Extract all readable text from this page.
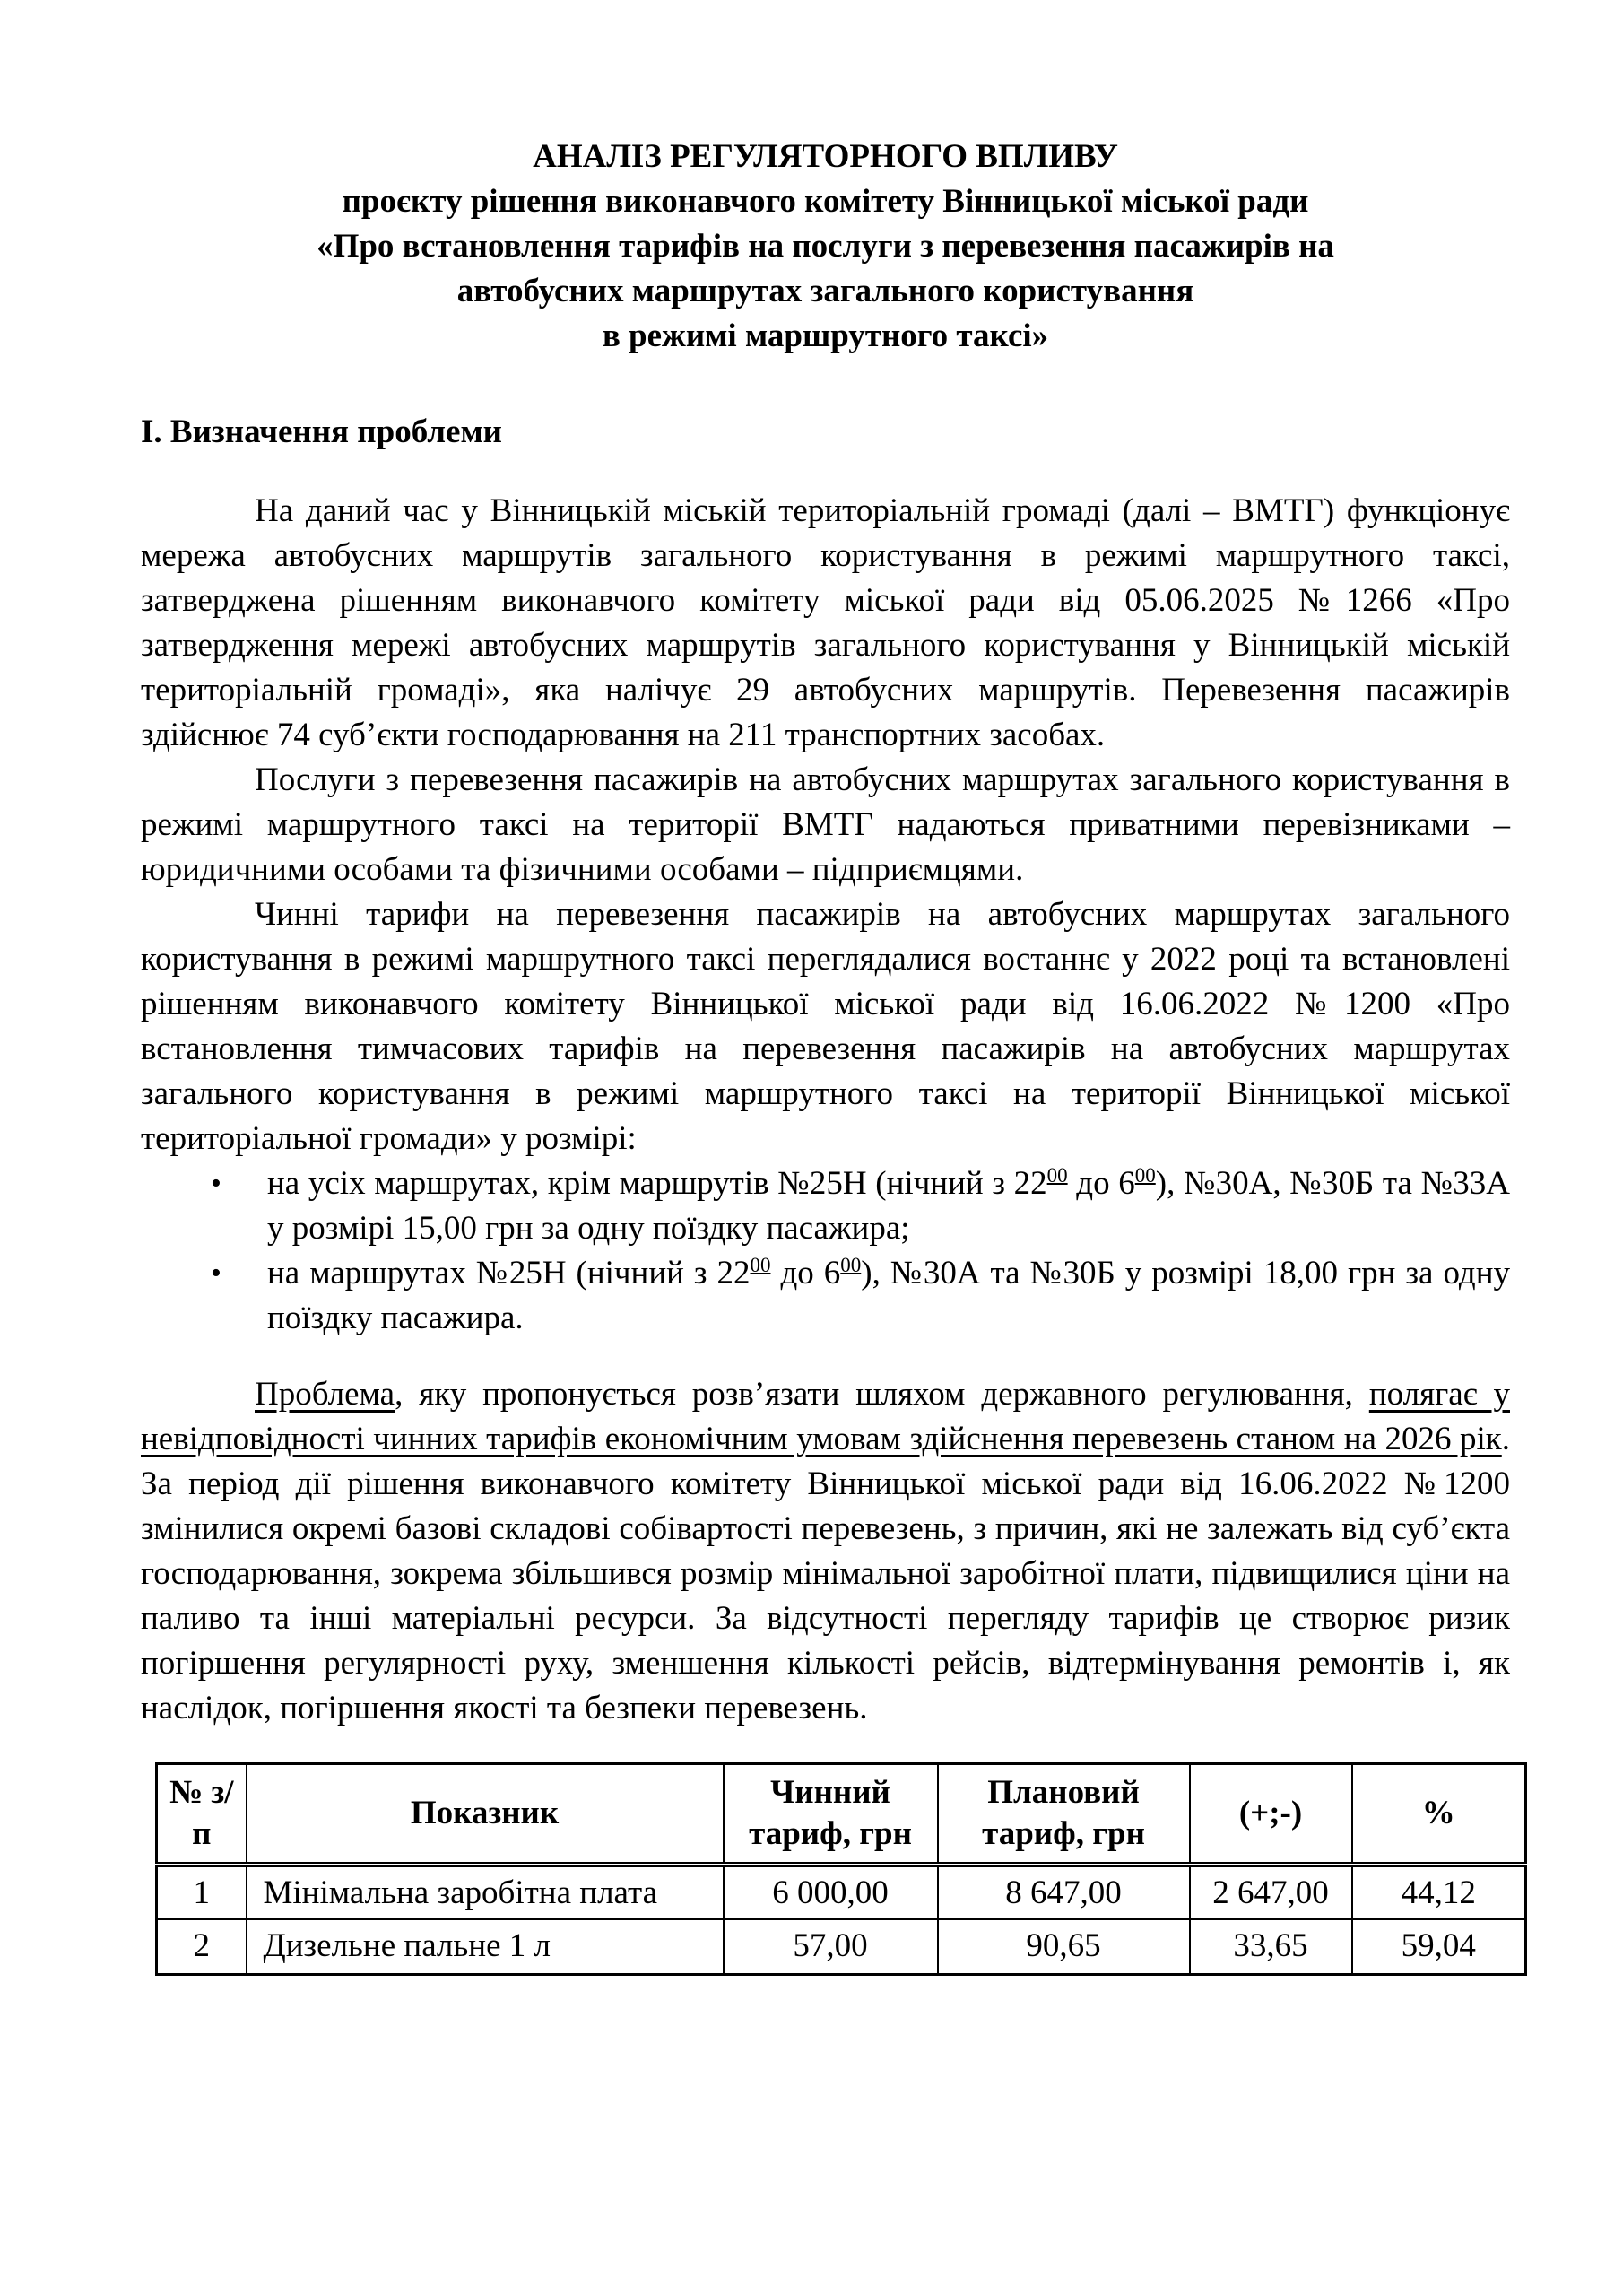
АНАЛІЗ РЕГУЛЯТОРНОГО ВПЛИВУ
проєкту рішення виконавчого комітету Вінницької міської ради
«Про встановлення тарифів на послуги з перевезення пасажирів на
автобусних маршрутах загального користування
в режимі маршрутного таксі»
І. Визначення проблеми

На даний час у Вінницькій міській територіальній громаді (далі – ВМТГ) функціонує мережа автобусних маршрутів загального користування в режимі маршрутного таксі, затверджена рішенням виконавчого комітету міської ради від 05.06.2025 №1266 «Про затвердження мережі автобусних маршрутів загального користування у Вінницькій міській територіальній громаді», яка налічує 29 автобусних маршрутів. Перевезення пасажирів здійснює 74 суб’єкти господарювання на 211 транспортних засобах.

Послуги з перевезення пасажирів на автобусних маршрутах загального користування в режимі маршрутного таксі на території ВМТГ надаються приватними перевізниками – юридичними особами та фізичними особами – підприємцями.

Чинні тарифи на перевезення пасажирів на автобусних маршрутах загального користування в режимі маршрутного таксі переглядалися востаннє у 2022 році та встановлені рішенням виконавчого комітету Вінницької міської ради від 16.06.2022 №1200 «Про встановлення тимчасових тарифів на перевезення пасажирів на автобусних маршрутах загального користування в режимі маршрутного таксі на території Вінницької міської територіальної громади» у розмірі:

• на усіх маршрутах, крім маршрутів №25Н (нічний з 2200 до 600), №30А, №30Б та №33А у розмірі 15,00 грн за одну поїздку пасажира;
• на маршрутах №25Н (нічний з 2200 до 600), №30А та №30Б у розмірі 18,00 грн за одну поїздку пасажира.

Проблема, яку пропонується розв’язати шляхом державного регулювання, полягає у невідповідності чинних тарифів економічним умовам здійснення перевезень станом на 2026 рік. За період дії рішення виконавчого комітету Вінницької міської ради від 16.06.2022 №1200 змінилися окремі базові складові собівартості перевезень, з причин, які не залежать від суб’єкта господарювання, зокрема збільшився розмір мінімальної заробітної плати, підвищилися ціни на паливо та інші матеріальні ресурси. За відсутності перегляду тарифів це створює ризик погіршення регулярності руху, зменшення кількості рейсів, відтермінування ремонтів і, як наслідок, погіршення якості та безпеки перевезень.

№ з/п	Показник	Чинний тариф, грн	Плановий тариф, грн	(+;-)	%
1	Мінімальна заробітна плата	6 000,00	8 647,00	2 647,00	44,12
2	Дизельне пальне 1 л	57,00	90,65	33,65	59,04
